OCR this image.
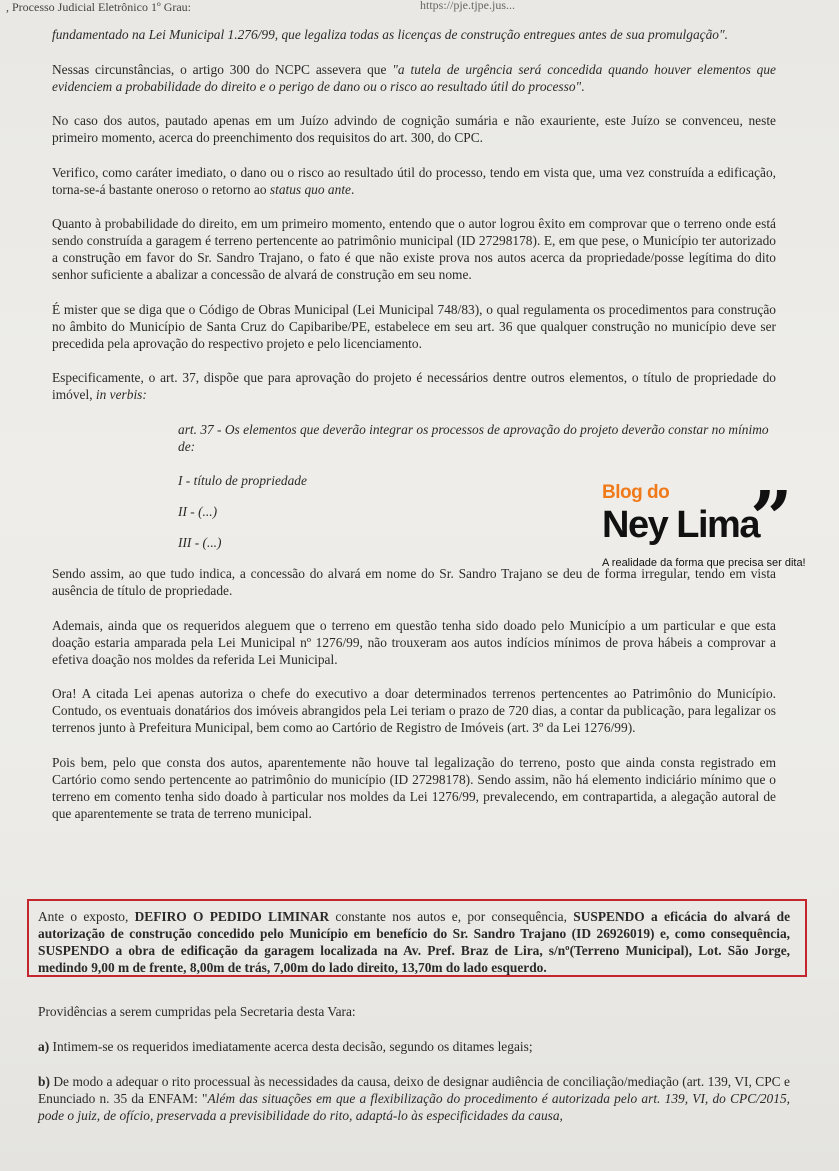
, Processo Judicial Eletrônico 1º Grau:	https://pje.tjpe.jus...

fundamentado na Lei Municipal 1.276/99, que legaliza todas as licenças de construção entregues antes de sua promulgação".

Nessas circunstâncias, o artigo 300 do NCPC assevera que "a tutela de urgência será concedida quando houver elementos que evidenciem a probabilidade do direito e o perigo de dano ou o risco ao resultado útil do processo".

No caso dos autos, pautado apenas em um Juízo advindo de cognição sumária e não exauriente, este Juízo se convenceu, neste primeiro momento, acerca do preenchimento dos requisitos do art. 300, do CPC.

Verifico, como caráter imediato, o dano ou o risco ao resultado útil do processo, tendo em vista que, uma vez construída a edificação, torna-se-á bastante oneroso o retorno ao status quo ante.

Quanto à probabilidade do direito, em um primeiro momento, entendo que o autor logrou êxito em comprovar que o terreno onde está sendo construída a garagem é terreno pertencente ao patrimônio municipal (ID 27298178). E, em que pese, o Município ter autorizado a construção em favor do Sr. Sandro Trajano, o fato é que não existe prova nos autos acerca da propriedade/posse legítima do dito senhor suficiente a abalizar a concessão de alvará de construção em seu nome.

É mister que se diga que o Código de Obras Municipal (Lei Municipal 748/83), o qual regulamenta os procedimentos para construção no âmbito do Município de Santa Cruz do Capibaribe/PE, estabelece em seu art. 36 que qualquer construção no município deve ser precedida pela aprovação do respectivo projeto e pelo licenciamento.

Especificamente, o art. 37, dispõe que para aprovação do projeto é necessários dentre outros elementos, o título de propriedade do imóvel, in verbis:

art. 37 - Os elementos que deverão integrar os processos de aprovação do projeto deverão constar no mínimo de:

I - título de propriedade

II - (...)

III - (...)

Sendo assim, ao que tudo indica, a concessão do alvará em nome do Sr. Sandro Trajano se deu de forma irregular, tendo em vista ausência de título de propriedade.

Ademais, ainda que os requeridos aleguem que o terreno em questão tenha sido doado pelo Município a um particular e que esta doação estaria amparada pela Lei Municipal nº 1276/99, não trouxeram aos autos indícios mínimos de prova hábeis a comprovar a efetiva doação nos moldes da referida Lei Municipal.

Ora! A citada Lei apenas autoriza o chefe do executivo a doar determinados terrenos pertencentes ao Patrimônio do Município. Contudo, os eventuais donatários dos imóveis abrangidos pela Lei teriam o prazo de 720 dias, a contar da publicação, para legalizar os terrenos junto à Prefeitura Municipal, bem como ao Cartório de Registro de Imóveis (art. 3º da Lei 1276/99).

Pois bem, pelo que consta dos autos, aparentemente não houve tal legalização do terreno, posto que ainda consta registrado em Cartório como sendo pertencente ao patrimônio do município (ID 27298178). Sendo assim, não há elemento indiciário mínimo que o terreno em comento tenha sido doado à particular nos moldes da Lei 1276/99, prevalecendo, em contrapartida, a alegação autoral de que aparentemente se trata de terreno municipal.

Ante o exposto, DEFIRO O PEDIDO LIMINAR constante nos autos e, por consequência, SUSPENDO a eficácia do alvará de autorização de construção concedido pelo Município em benefício do Sr. Sandro Trajano (ID 26926019) e, como consequência, SUSPENDO a obra de edificação da garagem localizada na Av. Pref. Braz de Lira, s/nº(Terreno Municipal), Lot. São Jorge, medindo 9,00 m de frente, 8,00m de trás, 7,00m do lado direito, 13,70m do lado esquerdo.

Providências a serem cumpridas pela Secretaria desta Vara:

a) Intimem-se os requeridos imediatamente acerca desta decisão, segundo os ditames legais;

b) De modo a adequar o rito processual às necessidades da causa, deixo de designar audiência de conciliação/mediação (art. 139, VI, CPC e Enunciado n. 35 da ENFAM: "Além das situações em que a flexibilização do procedimento é autorizada pelo art. 139, VI, do CPC/2015, pode o juiz, de ofício, preservada a previsibilidade do rito, adaptá-lo às especificidades da causa,

Blog do
Ney Lima
”
A realidade da forma que precisa ser dita!
